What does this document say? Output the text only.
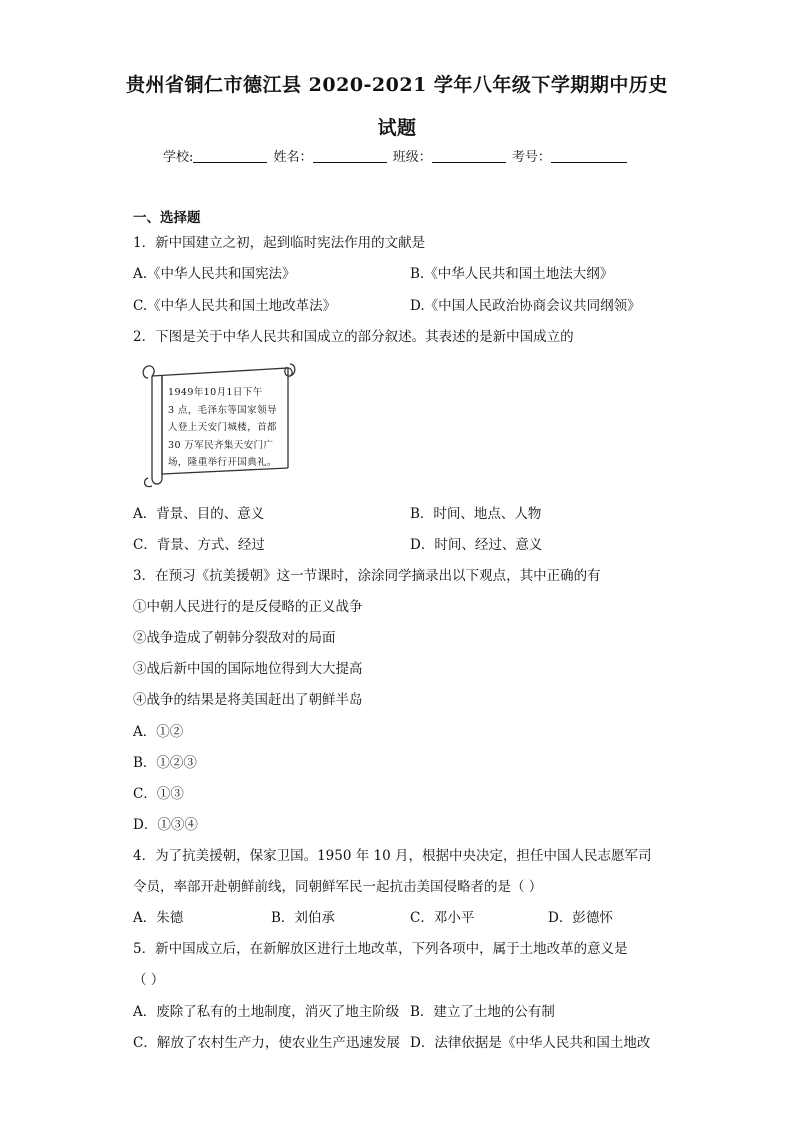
贵州省铜仁市德江县 2020-2021 学年八年级下学期期中历史
试题
学校:	姓名：	班级：	考号：
一、选择题
1．新中国建立之初，起到临时宪法作用的文献是
A.《中华人民共和国宪法》	B.《中华人民共和国土地法大纲》
C.《中华人民共和国土地改革法》	D.《中国人民政治协商会议共同纲领》
2．下图是关于中华人民共和国成立的部分叙述。其表述的是新中国成立的
1949年10月1日下午
3 点，毛泽东等国家领导
人登上天安门城楼，首都
30 万军民齐集天安门广
场，隆重举行开国典礼。
A．背景、目的、意义	B．时间、地点、人物
C．背景、方式、经过	D．时间、经过、意义
3．在预习《抗美援朝》这一节课时，涂涂同学摘录出以下观点，其中正确的有
①中朝人民进行的是反侵略的正义战争
②战争造成了朝韩分裂敌对的局面
③战后新中国的国际地位得到大大提高
④战争的结果是将美国赶出了朝鲜半岛
A．①②
B．①②③
C．①③
D．①③④
4．为了抗美援朝，保家卫国。1950 年 10 月，根据中央决定，担任中国人民志愿军司
令员，率部开赴朝鲜前线，同朝鲜军民一起抗击美国侵略者的是（ ）
A．朱德	B．刘伯承	C．邓小平	D．彭德怀
5．新中国成立后，在新解放区进行土地改革，下列各项中，属于土地改革的意义是
（ ）
A．废除了私有的土地制度，消灭了地主阶级 B．建立了土地的公有制
C．解放了农村生产力，使农业生产迅速发展 D．法律依据是《中华人民共和国土地改
